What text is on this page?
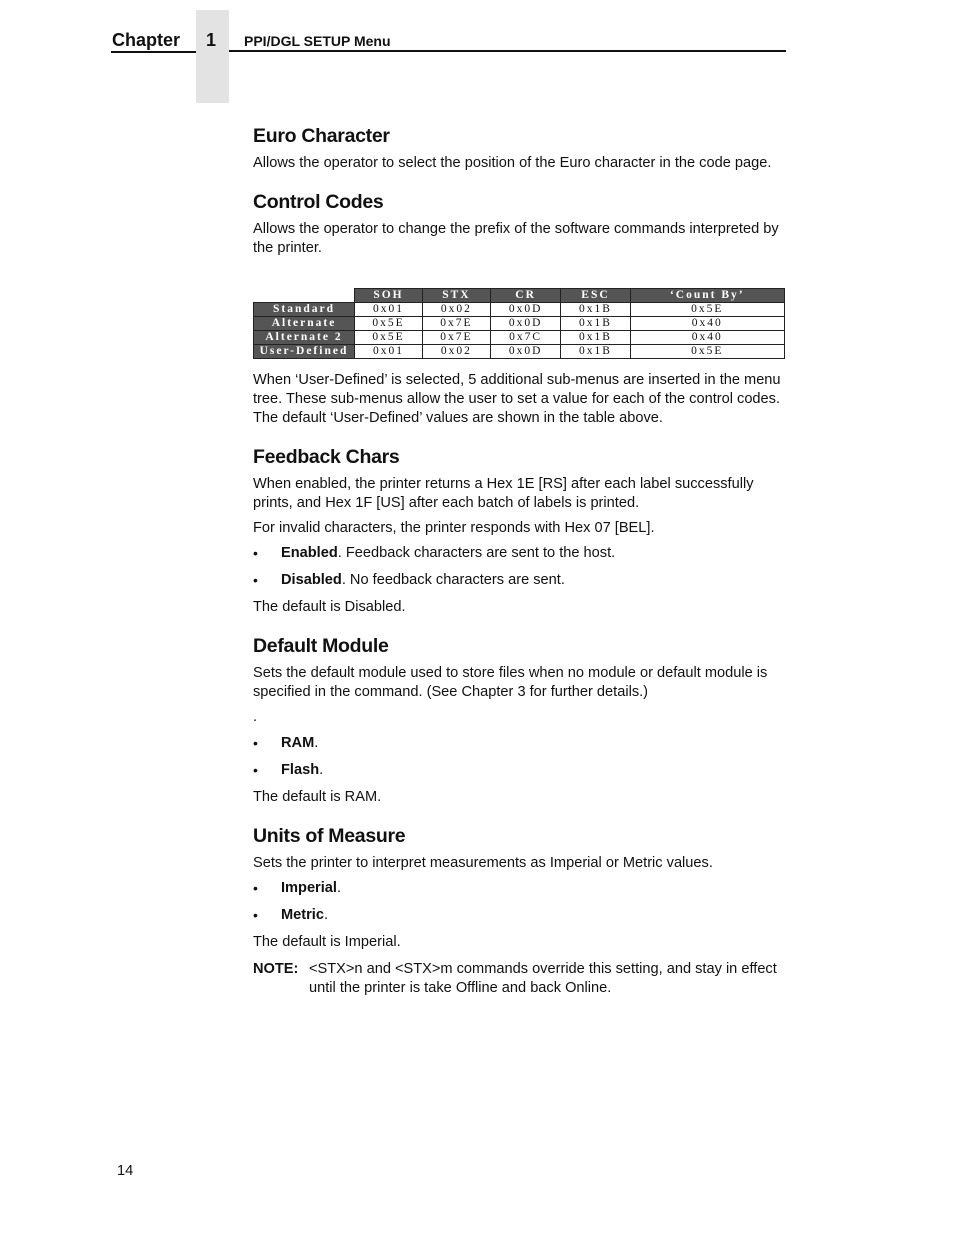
Chapter 1 PPI/DGL SETUP Menu
Euro Character

Allows the operator to select the position of the Euro character in the code page.

Control Codes

Allows the operator to change the prefix of the software commands interpreted by the printer.

	SOH	STX	CR	ESC	‘Count By’
Standard	0x01	0x02	0x0D	0x1B	0x5E
Alternate	0x5E	0x7E	0x0D	0x1B	0x40
Alternate 2	0x5E	0x7E	0x7C	0x1B	0x40
User-Defined	0x01	0x02	0x0D	0x1B	0x5E

When ‘User-Defined’ is selected, 5 additional sub-menus are inserted in the menu tree. These sub-menus allow the user to set a value for each of the control codes. The default ‘User-Defined’ values are shown in the table above.

Feedback Chars

When enabled, the printer returns a Hex 1E [RS] after each label successfully prints, and Hex 1F [US] after each batch of labels is printed.

For invalid characters, the printer responds with Hex 07 [BEL].

• Enabled. Feedback characters are sent to the host.
• Disabled. No feedback characters are sent.

The default is Disabled.

Default Module

Sets the default module used to store files when no module or default module is specified in the command. (See Chapter 3 for further details.)

.
• RAM.
• Flash.

The default is RAM.

Units of Measure

Sets the printer to interpret measurements as Imperial or Metric values.

• Imperial.
• Metric.

The default is Imperial.

NOTE: <STX>n and <STX>m commands override this setting, and stay in effect until the printer is take Offline and back Online.
14
